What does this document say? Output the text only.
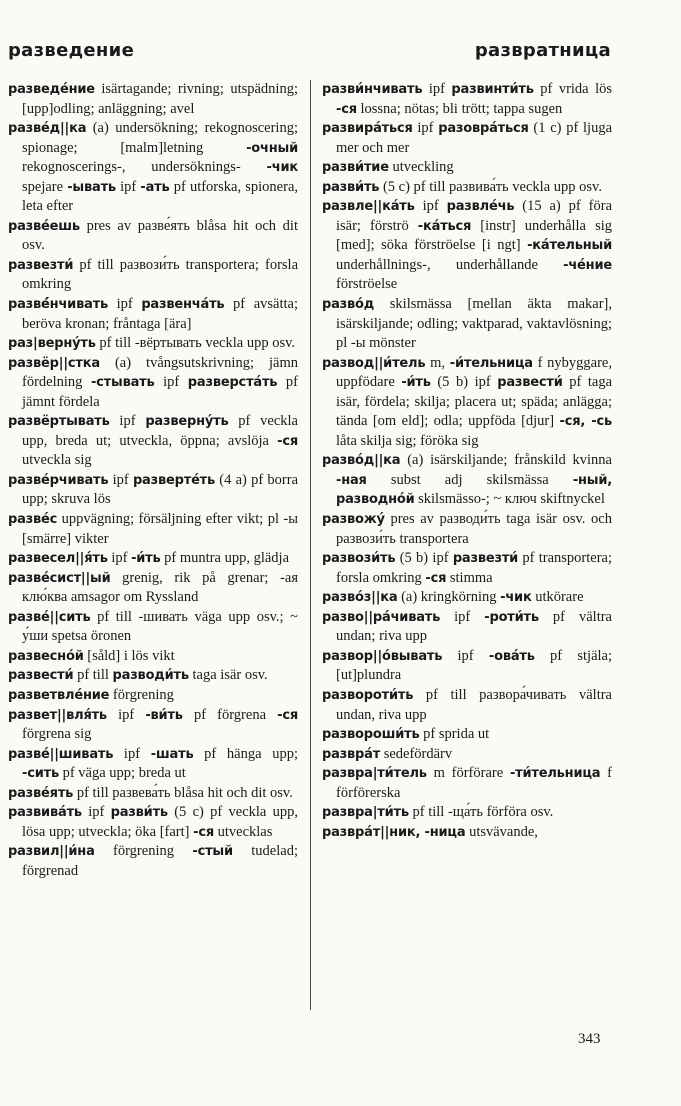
разведение	развратница

разведе́ние isärtagande; rivning; utspädning; [upp]odling; anläggning; avel

разве́д||ка (a) undersökning; rekognoscering; spionage; [malm]letning -очный rekognoscerings-, undersöknings- -чик spejare -ывать ipf -ать pf utforska, spionera, leta efter

разве́ешь pres av разве́ять blåsa hit och dit osv.

развезти́ pf till развози́ть transportera; forsla omkring

развé́нчивать ipf развенча́ть pf avsätta; beröva kronan; fråntaga [ära]

раз|верну́ть pf till -вёртывать veckla upp osv.

развёр||стка (a) tvångsutskrivning; jämn fördelning -стывать ipf разверста́ть pf jämnt fördela

развёртывать ipf разверну́ть pf veckla upp, breda ut; utveckla, öppna; avslöja -ся utveckla sig

разве́рчивать ipf разверте́ть (4 a) pf borra upp; skruva lös

разве́с uppvägning; försäljning efter vikt; pl -ы [smärre] vikter

развесел||я́ть ipf -и́ть pf muntra upp, glädja

разве́сист||ый grenig, rik på grenar; -ая клю́ква amsagor om Ryssland

разве́||сить pf till -шивать väga upp osv.; ~ у́ши spetsa öronen

развесно́й [såld] i lös vikt

развести́ pf till разводи́ть taga isär osv.

разветвле́ние förgrening

развет||вля́ть ipf -ви́ть pf förgrena -ся förgrena sig

разве́||шивать ipf -шать pf hänga upp; -сить pf väga upp; breda ut

разве́ять pf till развева́ть blåsa hit och dit osv.

развива́ть ipf разви́ть (5 c) pf veckla upp, lösa upp; utveckla; öka [fart] -ся utvecklas

развил||и́на förgrening -стый tudelad; förgrenad

разви́нчивать ipf развинти́ть pf vrida lös -ся lossna; nötas; bli trött; tappa sugen

развира́ться ipf разовра́ться (1 c) pf ljuga mer och mer

разви́тие utveckling

разви́ть (5 c) pf till развива́ть veckla upp osv.

развле||ка́ть ipf развле́чь (15 a) pf föra isär; förströ -ка́ться [instr] underhålla sig [med]; söka förströelse [i ngt] -ка́тельный underhållnings-, underhållande -че́ние förströelse

разво́д skilsmässa [mellan äkta makar], isärskiljande; odling; vaktparad, vaktavlösning; pl -ы mönster

развод||и́тель m, -и́тельница f nybyggare, uppfödare -и́ть (5 b) ipf развести́ pf taga isär, fördela; skilja; placera ut; späda; anlägga; tända [om eld]; odla; uppföda [djur] -ся, -сь låta skilja sig; föröka sig

разво́д||ка (a) isärskiljande; frånskild kvinna -ная subst adj skilsmässa -ный, разводно́й skilsmässo-; ~ ключ skiftnyckel

развожу́ pres av разводи́ть taga isär osv. och развози́ть transportera

развози́ть (5 b) ipf развезти́ pf transportera; forsla omkring -ся stimma

разво́з||ка (a) kringkörning -чик utkörare

разво||ра́чивать ipf -роти́ть pf vältra undan; riva upp

развор||о́вывать ipf -ова́ть pf stjäla; [ut]plundra

развороти́ть pf till развора́чивать vältra undan, riva upp

развороши́ть pf sprida ut

развра́т sedefördärv

развра|ти́тель m förförare -ти́тельница f förförerska

развра|ти́ть pf till -ща́ть förföra osv.

развра́т||ник, -ница utsvävande,

343
